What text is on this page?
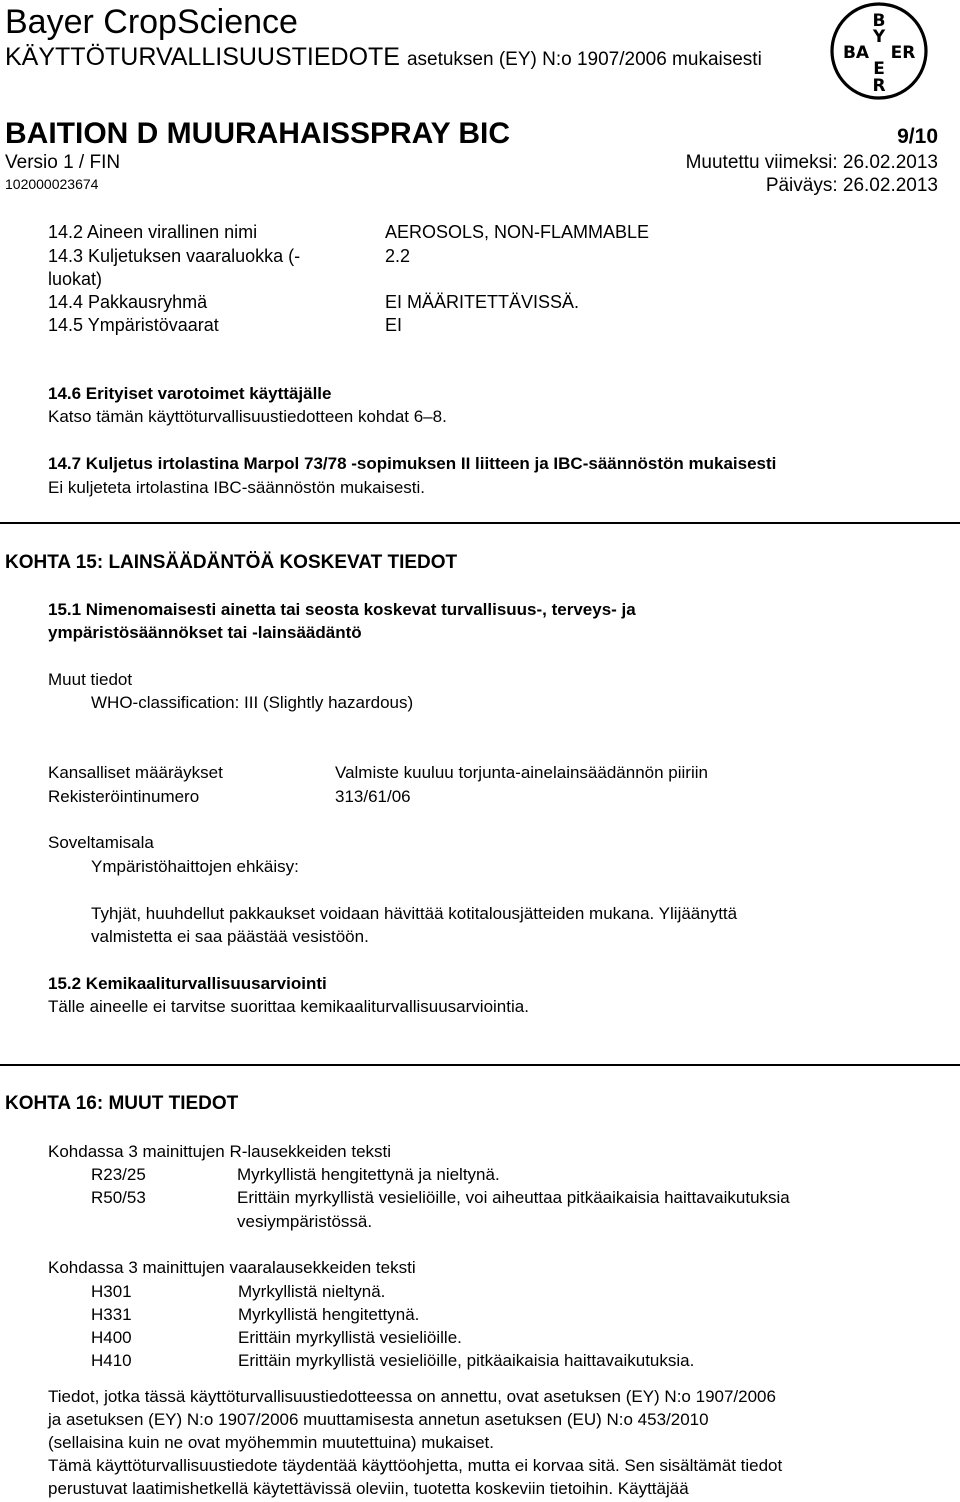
Bayer CropScience
KÄYTTÖTURVALLISUUSTIEDOTE asetuksen (EY) N:o 1907/2006 mukaisesti
B
BA
Y
ER
E
R
BAITION D MUURAHAISSPRAY BIC	9/10
Versio 1 / FIN	Muutettu viimeksi: 26.02.2013
102000023674	Päiväys: 26.02.2013
14.2 Aineen virallinen nimi	AEROSOLS, NON-FLAMMABLE
14.3 Kuljetuksen vaaraluokka (-	2.2
luokat)
14.4 Pakkausryhmä	EI MÄÄRITETTÄVISSÄ.
14.5 Ympäristövaarat	EI
14.6 Erityiset varotoimet käyttäjälle
Katso tämän käyttöturvallisuustiedotteen kohdat 6–8.
14.7 Kuljetus irtolastina Marpol 73/78 -sopimuksen II liitteen ja IBC-säännöstön mukaisesti
Ei kuljeteta irtolastina IBC-säännöstön mukaisesti.
KOHTA 15: LAINSÄÄDÄNTÖÄ KOSKEVAT TIEDOT
15.1 Nimenomaisesti ainetta tai seosta koskevat turvallisuus-, terveys- ja
ympäristösäännökset tai -lainsäädäntö
Muut tiedot
WHO-classification: III (Slightly hazardous)
Kansalliset määräykset	Valmiste kuuluu torjunta-ainelainsäädännön piiriin
Rekisteröintinumero	313/61/06
Soveltamisala
Ympäristöhaittojen ehkäisy:
Tyhjät, huuhdellut pakkaukset voidaan hävittää kotitalousjätteiden mukana. Ylijäänyttä
valmistetta ei saa päästää vesistöön.
15.2 Kemikaaliturvallisuusarviointi
Tälle aineelle ei tarvitse suorittaa kemikaaliturvallisuusarviointia.
KOHTA 16: MUUT TIEDOT
Kohdassa 3 mainittujen R-lausekkeiden teksti
R23/25	Myrkyllistä hengitettynä ja nieltynä.
R50/53	Erittäin myrkyllistä vesieliöille, voi aiheuttaa pitkäaikaisia haittavaikutuksia
vesiympäristössä.
Kohdassa 3 mainittujen vaaralausekkeiden teksti
H301	Myrkyllistä nieltynä.
H331	Myrkyllistä hengitettynä.
H400	Erittäin myrkyllistä vesieliöille.
H410	Erittäin myrkyllistä vesieliöille, pitkäaikaisia haittavaikutuksia.
Tiedot, jotka tässä käyttöturvallisuustiedotteessa on annettu, ovat asetuksen (EY) N:o 1907/2006
ja asetuksen (EY) N:o 1907/2006 muuttamisesta annetun asetuksen (EU) N:o 453/2010
(sellaisina kuin ne ovat myöhemmin muutettuina) mukaiset.
Tämä käyttöturvallisuustiedote täydentää käyttöohjetta, mutta ei korvaa sitä. Sen sisältämät tiedot
perustuvat laatimishetkellä käytettävissä oleviin, tuotetta koskeviin tietoihin. Käyttäjää
